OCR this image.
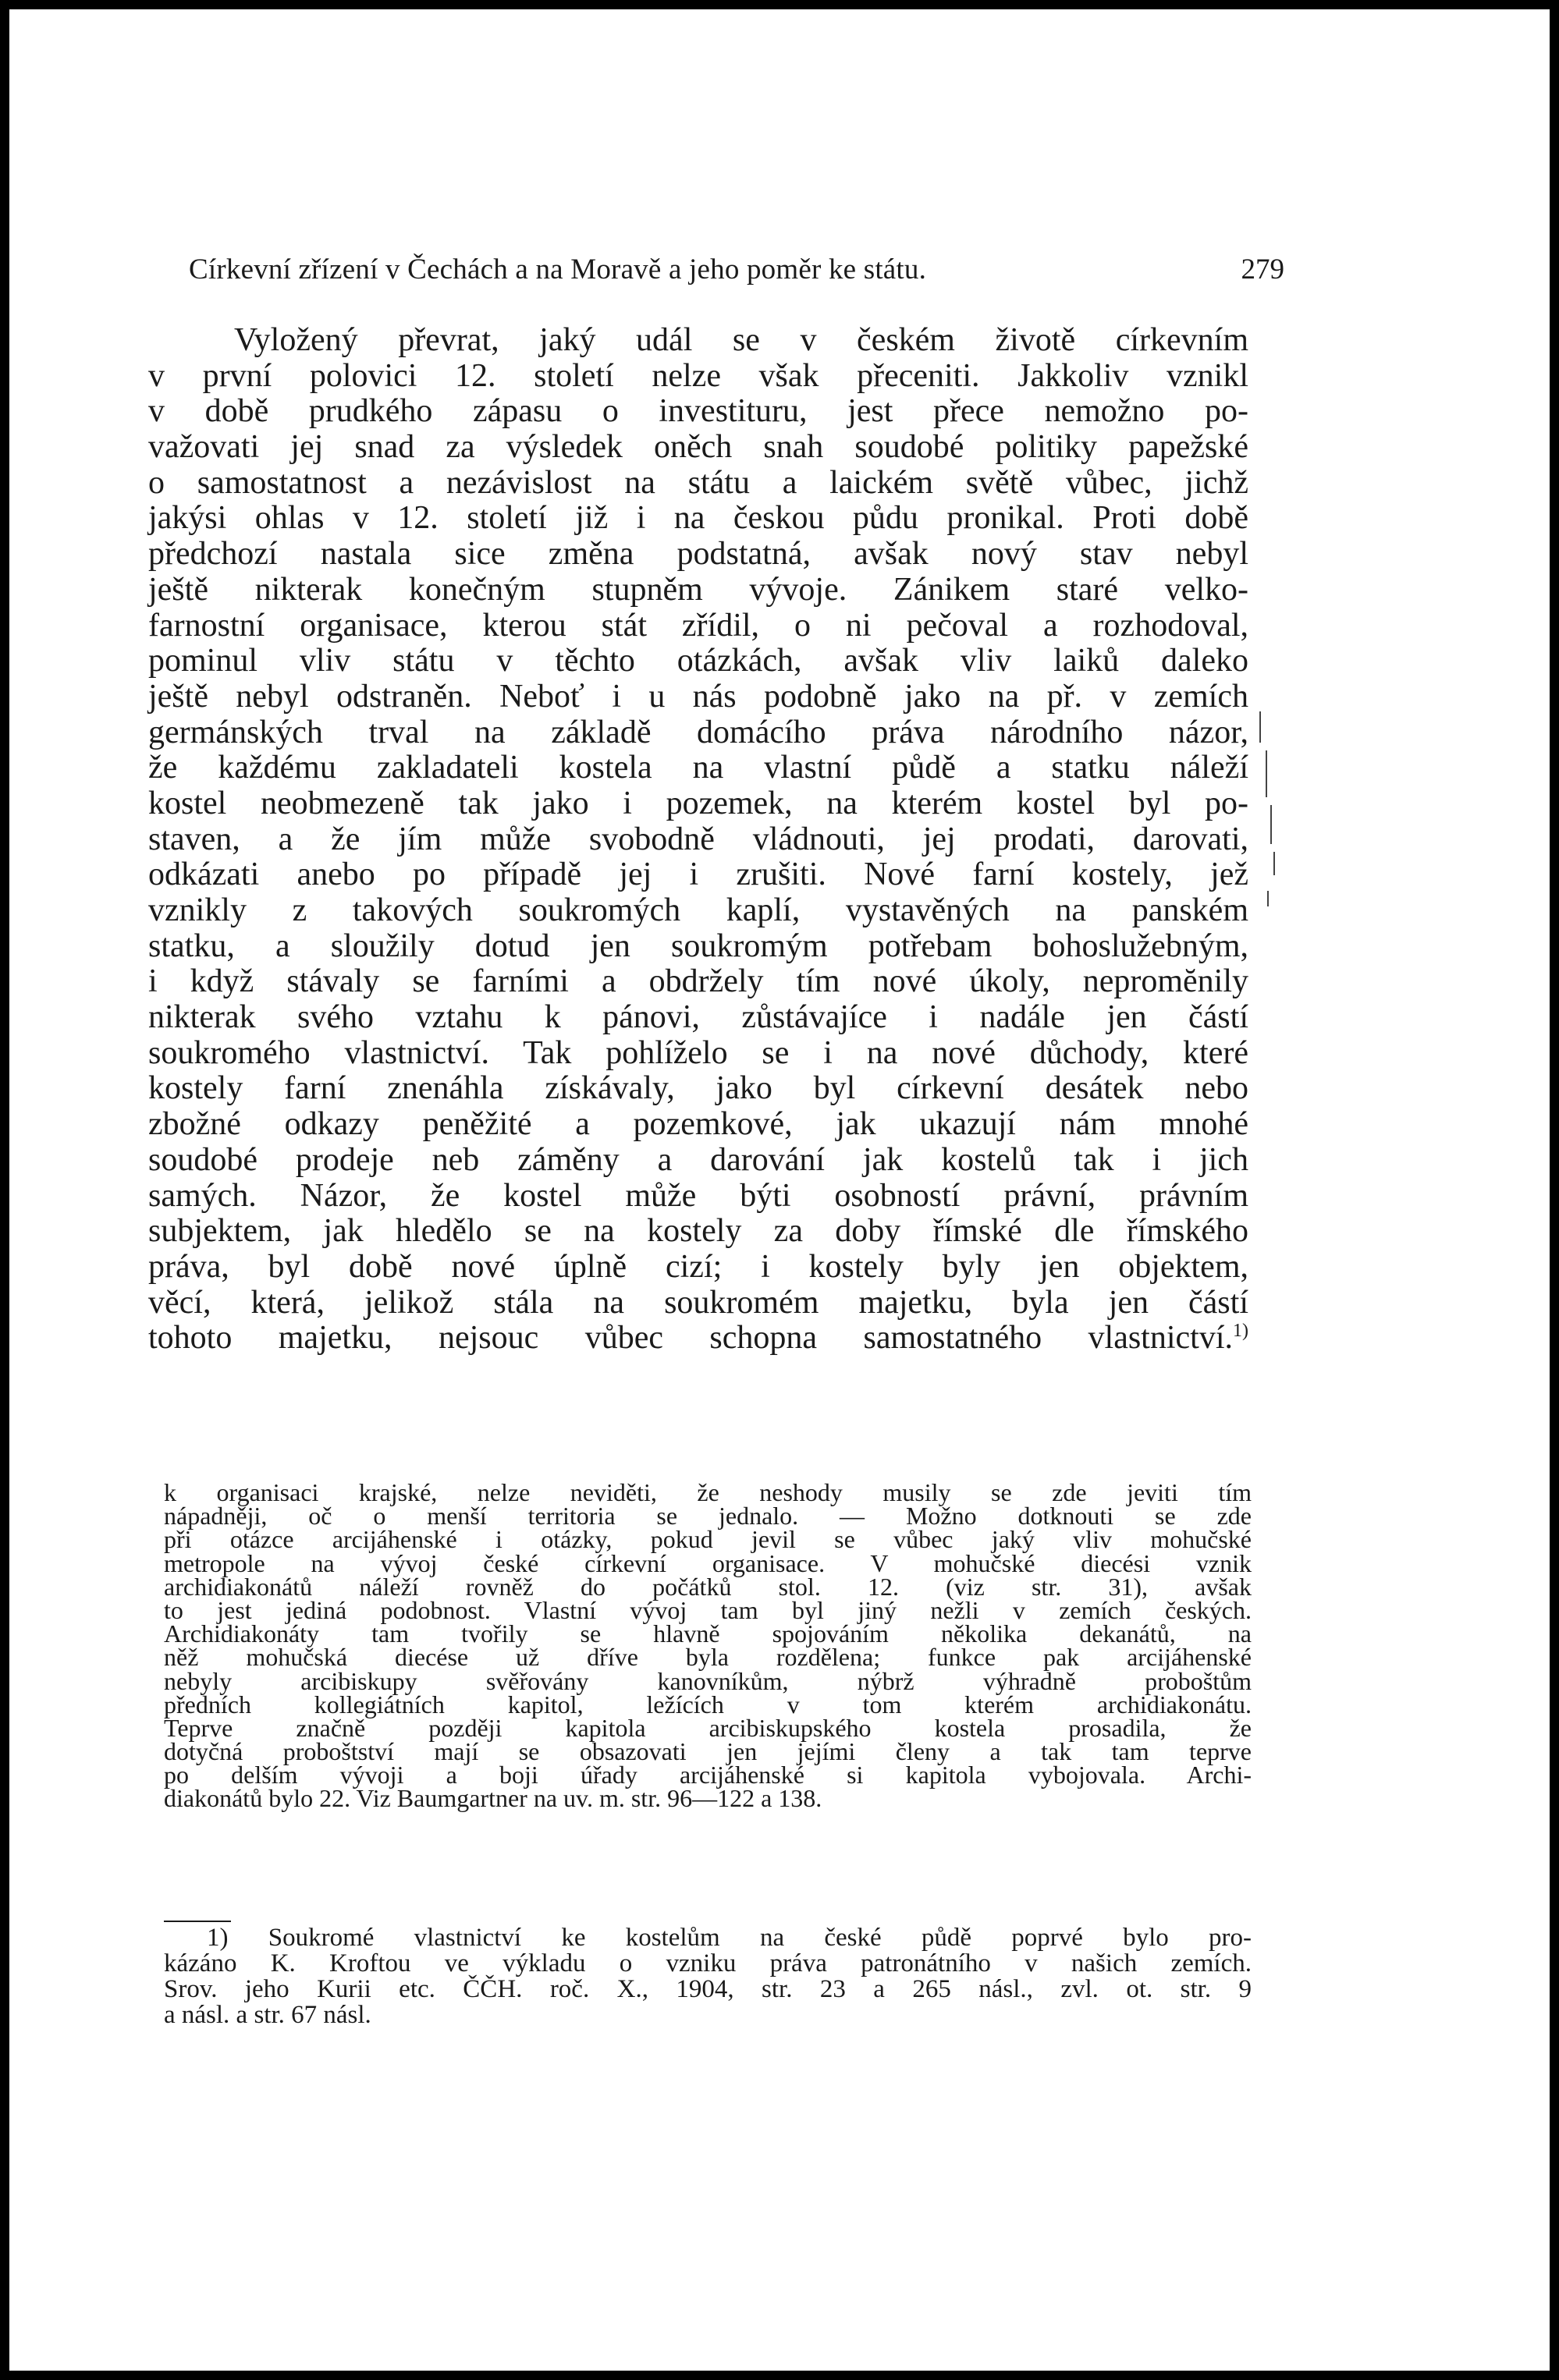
Církevní zřízení v Čechách a na Moravě a jeho poměr ke státu.	279
Vyložený převrat, jaký udál se v českém životě církevním
v první polovici 12. století nelze však přeceniti. Jakkoliv vznikl
v době prudkého zápasu o investituru, jest přece nemožno po-
važovati jej snad za výsledek oněch snah soudobé politiky papežské
o samostatnost a nezávislost na státu a laickém světě vůbec, jichž
jakýsi ohlas v 12. století již i na českou půdu pronikal. Proti době
předchozí nastala sice změna podstatná, avšak nový stav nebyl
ještě nikterak konečným stupněm vývoje. Zánikem staré velko-
farnostní organisace, kterou stát zřídil, o ni pečoval a rozhodoval,
pominul vliv státu v těchto otázkách, avšak vliv laiků daleko
ještě nebyl odstraněn. Neboť i u nás podobně jako na př. v zemích
germánských trval na základě domácího práva národního názor,
že každému zakladateli kostela na vlastní půdě a statku náleží
kostel neobmezeně tak jako i pozemek, na kterém kostel byl po-
staven, a že jím může svobodně vládnouti, jej prodati, darovati,
odkázati anebo po případě jej i zrušiti. Nové farní kostely, jež
vznikly z takových soukromých kaplí, vystavěných na panském
statku, a sloužily dotud jen soukromým potřebam bohoslužebným,
i když stávaly se farními a obdržely tím nové úkoly, nepromĕnily
nikterak svého vztahu k pánovi, zůstávajíce i nadále jen částí
soukromého vlastnictví. Tak pohlíželo se i na nové důchody, které
kostely farní znenáhla získávaly, jako byl církevní desátek nebo
zbožné odkazy peněžité a pozemkové, jak ukazují nám mnohé
soudobé prodeje neb záměny a darování jak kostelů tak i jich
samých. Názor, že kostel může býti osobností právní, právním
subjektem, jak hledělo se na kostely za doby římské dle římského
práva, byl době nové úplně cizí; i kostely byly jen objektem,
věcí, která, jelikož stála na soukromém majetku, byla jen částí
tohoto majetku, nejsouc vůbec schopna samostatného vlastnictví.$^{1)}$
k organisaci krajské, nelze neviděti, že neshody musily se zde jeviti tím
nápadněji, oč o menší territoria se jednalo. — Možno dotknouti se zde
při otázce arcijáhenské i otázky, pokud jevil se vůbec jaký vliv mohučské
metropole na vývoj české církevní organisace. V mohučské diecési vznik
archidiakonátů náleží rovněž do počátků stol. 12. (viz str. 31), avšak
to jest jediná podobnost. Vlastní vývoj tam byl jiný nežli v zemích českých.
Archidiakonáty tam tvořily se hlavně spojováním několika dekanátů, na
něž mohučská diecése už dříve byla rozdělena; funkce pak arcijáhenské
nebyly arcibiskupy svěřovány kanovníkům, nýbrž výhradně proboštům
předních kollegiátních kapitol, ležících v tom kterém archidiakonátu.
Teprve značně později kapitola arcibiskupského kostela prosadila, že
dotyčná proboštství mají se obsazovati jen jejími členy a tak tam teprve
po delším vývoji a boji úřady arcijáhenské si kapitola vybojovala. Archi-
diakonátů bylo 22. Viz Baumgartner na uv. m. str. 96—122 a 138.
1) Soukromé vlastnictví ke kostelům na české půdě poprvé bylo pro-
kázáno K. Kroftou ve výkladu o vzniku práva patronátního v našich zemích.
Srov. jeho Kurii etc. ČČH. roč. X., 1904, str. 23 a 265 násl., zvl. ot. str. 9
a násl. a str. 67 násl.
